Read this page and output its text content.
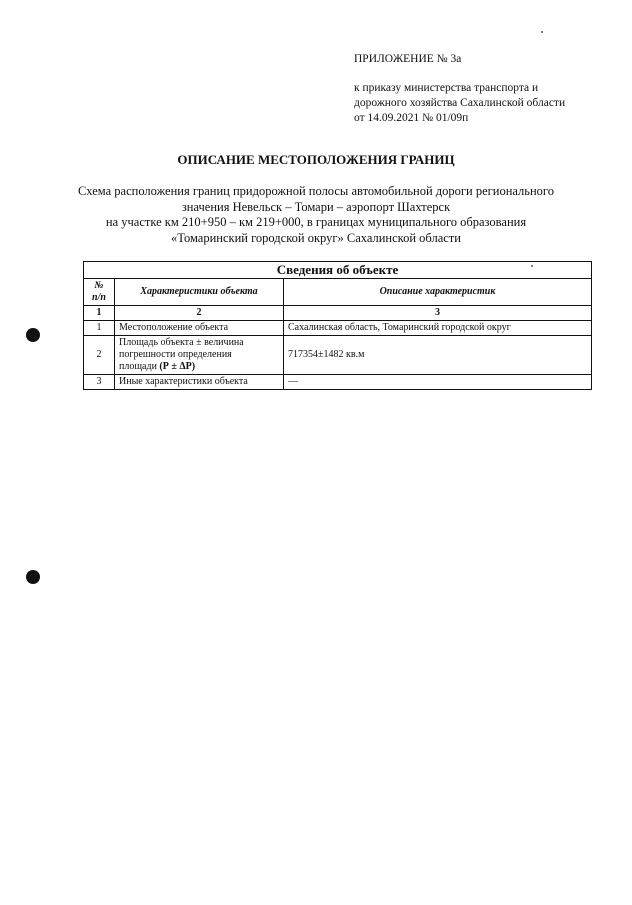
ПРИЛОЖЕНИЕ № 3а
к приказу министерства транспорта и
дорожного хозяйства Сахалинской области
от 14.09.2021 № 01/09п
ОПИСАНИЕ МЕСТОПОЛОЖЕНИЯ ГРАНИЦ
Схема расположения границ придорожной полосы автомобильной дороги регионального
значения Невельск – Томари – аэропорт Шахтерск
на участке км 210+950 – км 219+000, в границах муниципального образования
«Томаринский городской округ» Сахалинской области
Сведения об объекте		
№
п/п	Характеристики объекта	Описание характеристик
1	2	3
1	Местоположение объекта	Сахалинская область, Томаринский городской округ
2	Площадь объекта ± величина
погрешности определения
площади (Р ± ΔР)	717354±1482 кв.м
3	Иные характеристики объекта	—
